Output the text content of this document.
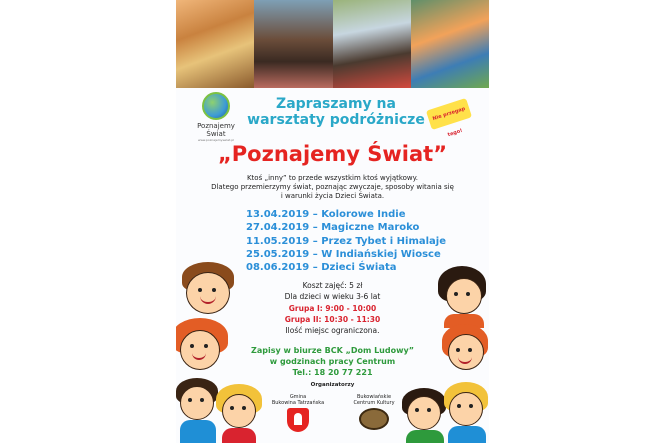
Poznajemy Świat
www.poznajemyswiat.pl
Zapraszamy na
warsztaty podróżnicze	Nie przegap tego!
„Poznajemy Świat”
Ktoś „inny” to przede wszystkim ktoś wyjątkowy.
Dlatego przemierzymy świat, poznając zwyczaje, sposoby witania się
i warunki życia Dzieci Świata.
13.04.2019 – Kolorowe Indie
27.04.2019 – Magiczne Maroko
11.05.2019 – Przez Tybet i Himalaje
25.05.2019 – W Indiańskiej Wiosce
08.06.2019 – Dzieci Świata
Koszt zajęć: 5 zł
Dla dzieci w wieku 3-6 lat
Grupa I: 9:00 - 10:00
Grupa II: 10:30 - 11:30
Ilość miejsc ograniczona.
Zapisy w biurze BCK „Dom Ludowy”
w godzinach pracy Centrum
Tel.: 18 20 77 221
Organizatorzy
Gmina
Bukowina Tatrzańska
Bukowiańskie
Centrum Kultury
